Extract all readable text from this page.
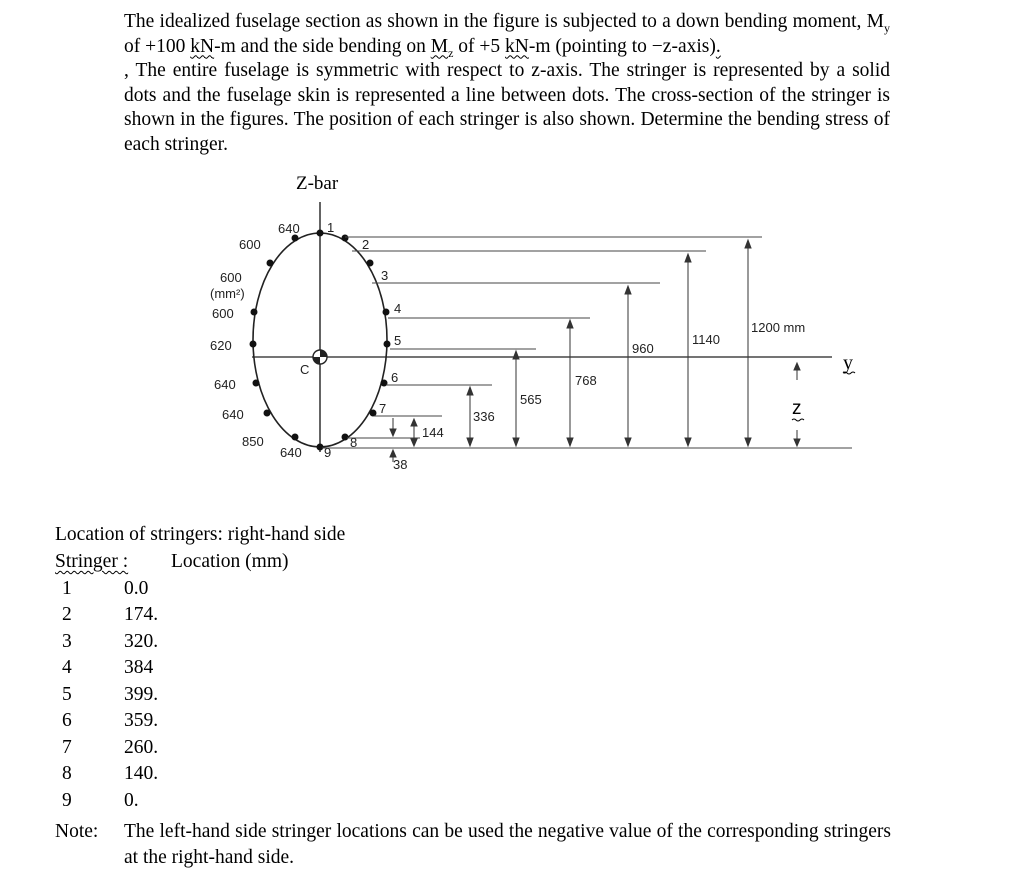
The idealized fuselage section as shown in the figure is subjected to a down bending moment, $M_y$ of +100 kN-m and the side bending on $M_z$ of +5 kN-m (pointing to −z-axis).
, The entire fuselage is symmetric with respect to z-axis. The stringer is represented by a solid dots and the fuselage skin is represented a line between dots. The cross-section of the stringer is shown in the figures. The position of each stringer is also shown. Determine the bending stress of each stringer.
Z-bar
C
640
600
600
(mm²)
600
620
640
640
850
640
1
2
3
4
5
6
7
8
9
38
144
336
565
768
960
1140
1200 mm
y
z
Location of stringers: right-hand side
Stringer : Location (mm)
1	0.0
2	174.
3	320.
4	384
5	399.
6	359.
7	260.
8	140.
9	0.
Note: The left-hand side stringer locations can be used the negative value of the corresponding stringers at the right-hand side.
